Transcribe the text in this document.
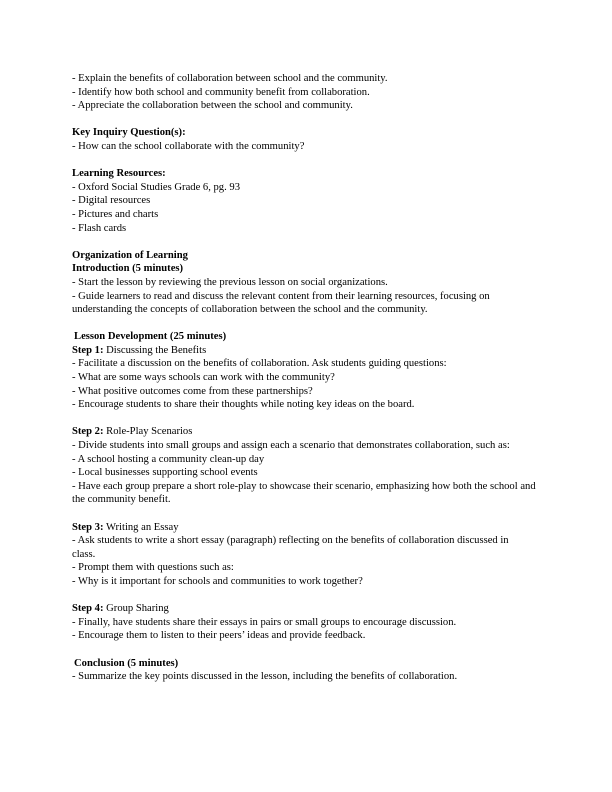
- Explain the benefits of collaboration between school and the community.
- Identify how both school and community benefit from collaboration.
- Appreciate the collaboration between the school and community.
Key Inquiry Question(s):
- How can the school collaborate with the community?
Learning Resources:
- Oxford Social Studies Grade 6, pg. 93
- Digital resources
- Pictures and charts
- Flash cards
Organization of Learning
Introduction (5 minutes)
- Start the lesson by reviewing the previous lesson on social organizations.
- Guide learners to read and discuss the relevant content from their learning resources, focusing on understanding the concepts of collaboration between the school and the community.
Lesson Development (25 minutes)
Step 1: Discussing the Benefits
- Facilitate a discussion on the benefits of collaboration. Ask students guiding questions:
- What are some ways schools can work with the community?
- What positive outcomes come from these partnerships?
- Encourage students to share their thoughts while noting key ideas on the board.
Step 2: Role-Play Scenarios
- Divide students into small groups and assign each a scenario that demonstrates collaboration, such as:
- A school hosting a community clean-up day
- Local businesses supporting school events
- Have each group prepare a short role-play to showcase their scenario, emphasizing how both the school and the community benefit.
Step 3: Writing an Essay
- Ask students to write a short essay (paragraph) reflecting on the benefits of collaboration discussed in class.
- Prompt them with questions such as:
- Why is it important for schools and communities to work together?
Step 4: Group Sharing
- Finally, have students share their essays in pairs or small groups to encourage discussion.
- Encourage them to listen to their peers’ ideas and provide feedback.
Conclusion (5 minutes)
- Summarize the key points discussed in the lesson, including the benefits of collaboration.
